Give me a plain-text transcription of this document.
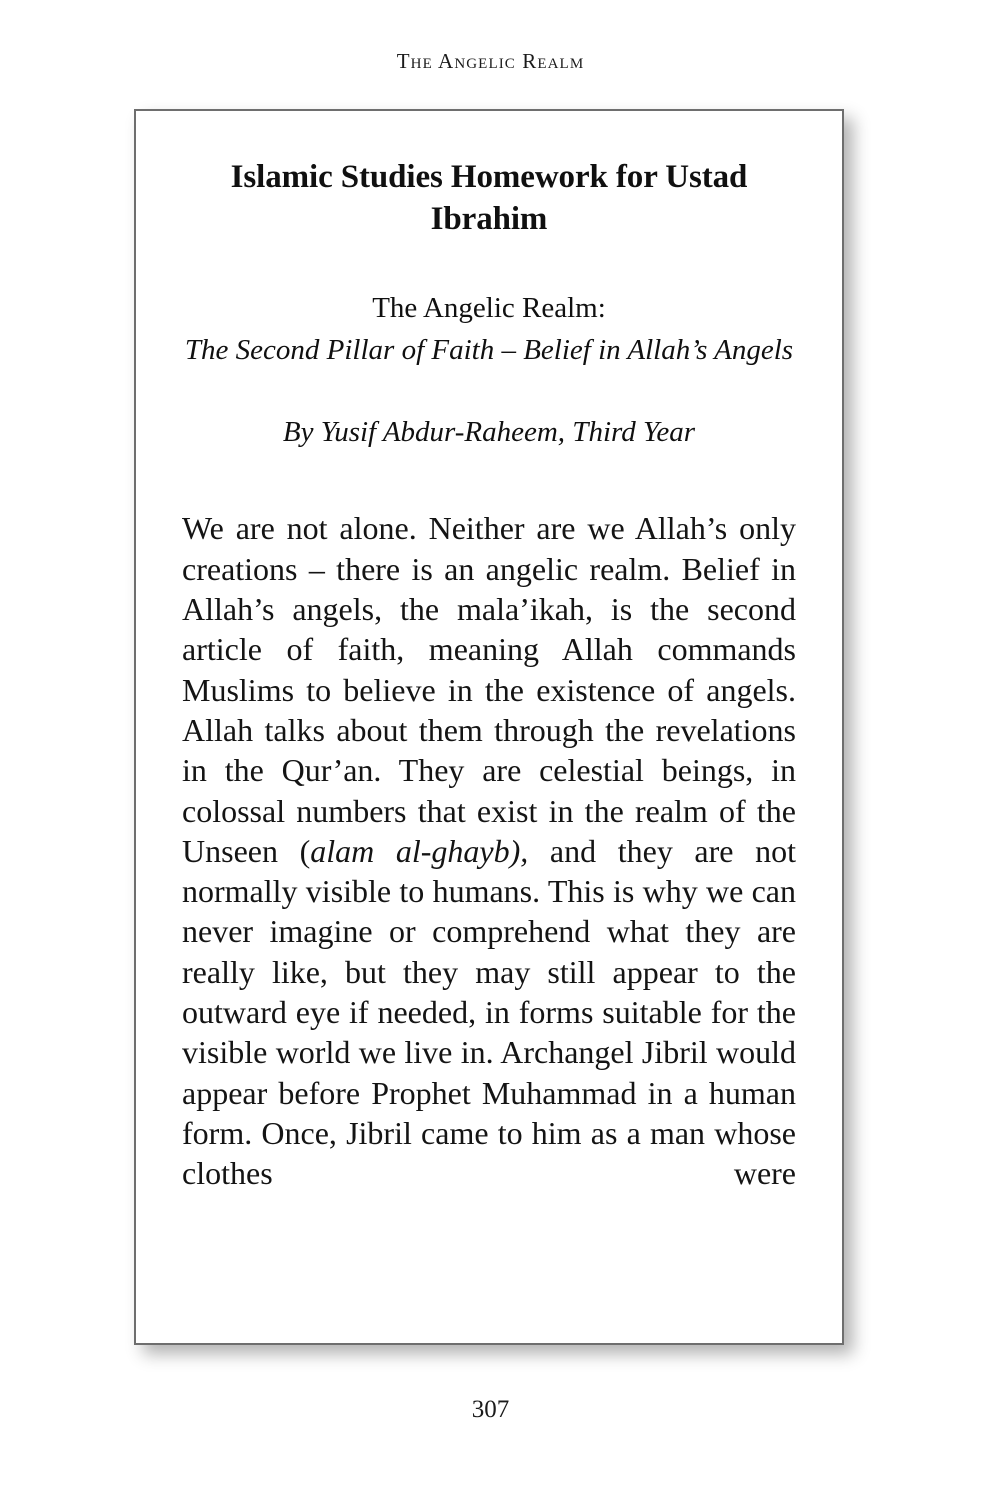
The Angelic Realm
Islamic Studies Homework for Ustad Ibrahim
The Angelic Realm:
The Second Pillar of Faith – Belief in Allah’s Angels
By Yusif Abdur-Raheem, Third Year

We are not alone. Neither are we Allah’s only creations – there is an angelic realm. Belief in Allah’s angels, the mala’ikah, is the second article of faith, meaning Allah commands Muslims to believe in the existence of angels. Allah talks about them through the revelations in the Qur’an. They are celestial beings, in colossal numbers that exist in the realm of the Unseen (alam al-ghayb), and they are not normally visible to humans. This is why we can never imagine or comprehend what they are really like, but they may still appear to the outward eye if needed, in forms suitable for the visible world we live in. Archangel Jibril would appear before Prophet Muhammad in a human form. Once, Jibril came to him as a man whose clothes were

307
